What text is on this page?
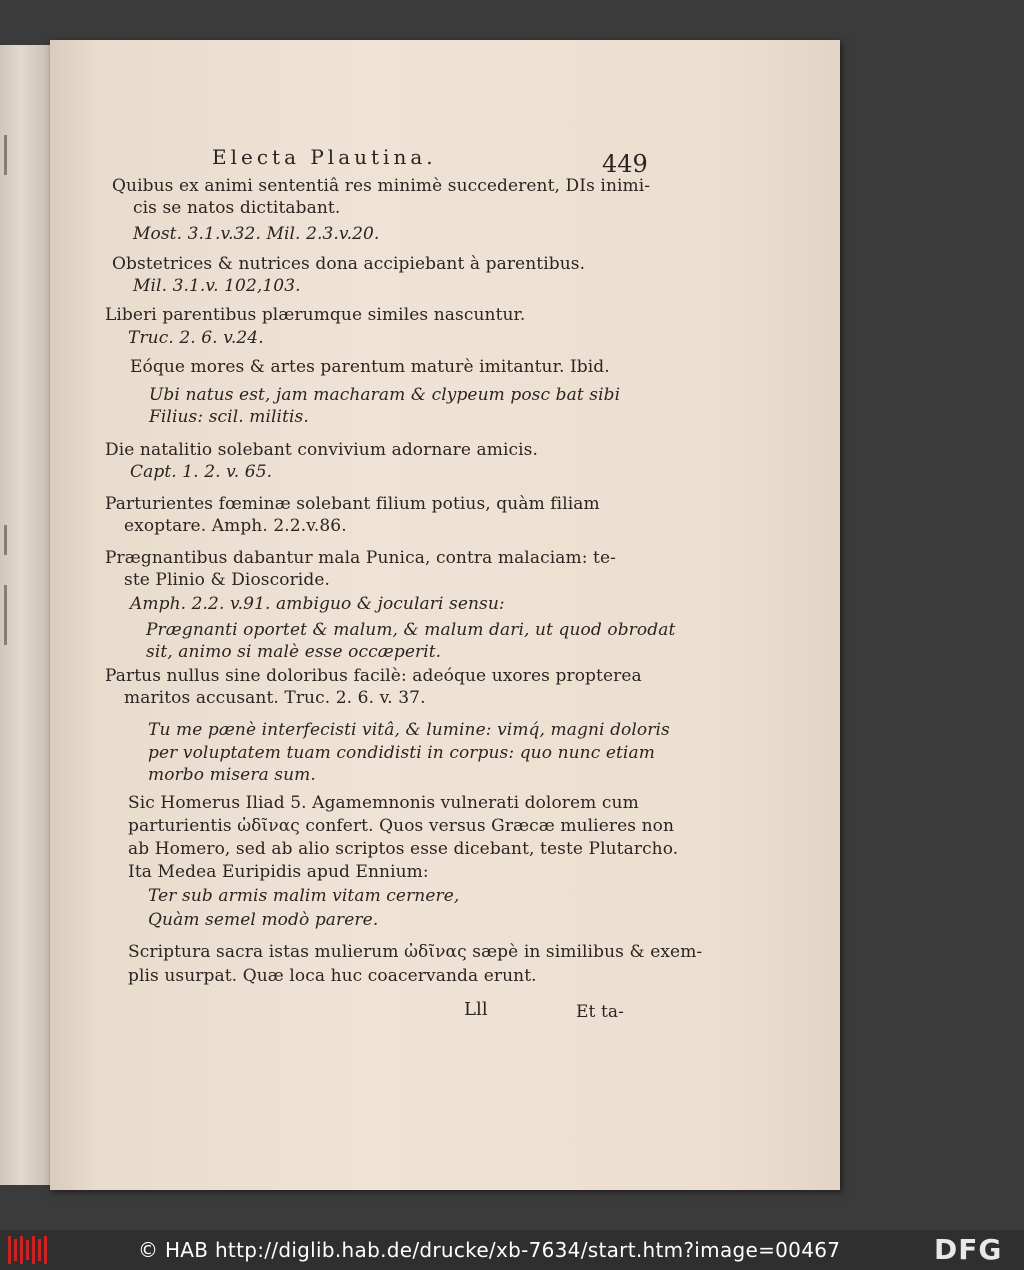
Electa Plautina.	449
Quibus ex animi sententiâ res minimè succederent, DIs inimi-
cis se natos dictitabant.
Most. 3.1.v.32. Mil. 2.3.v.20.
Obstetrices & nutrices dona accipiebant à parentibus.
Mil. 3.1.v. 102,103.
Liberi parentibus plærumque similes nascuntur.
Truc. 2. 6. v.24.
Eóque mores & artes parentum maturè imitantur. Ibid.
Ubi natus est, jam macharam & clypeum posc bat sibi
Filius: scil. militis.
Die natalitio solebant convivium adornare amicis.
Capt. 1. 2. v. 65.
Parturientes fœminæ solebant filium potius, quàm filiam
exoptare. Amph. 2.2.v.86.
Prægnantibus dabantur mala Punica, contra malaciam: te-
ste Plinio & Dioscoride.
Amph. 2.2. v.91. ambiguo & joculari sensu:
Prægnanti oportet & malum, & malum dari, ut quod obrodat
sit, animo si malè esse occæperit.
Partus nullus sine doloribus facilè: adeóque uxores propterea
maritos accusant. Truc. 2. 6. v. 37.
Tu me pænè interfecisti vitâ, & lumine: vimq́, magni doloris
per voluptatem tuam condidisti in corpus: quo nunc etiam
morbo misera sum.
Sic Homerus Iliad 5. Agamemnonis vulnerati dolorem cum
parturientis ὠδῖνας confert. Quos versus Græcæ mulieres non
ab Homero, sed ab alio scriptos esse dicebant, teste Plutarcho.
Ita Medea Euripidis apud Ennium:
Ter sub armis malim vitam cernere,
Quàm semel modò parere.
Scriptura sacra istas mulierum ὠδῖνας sæpè in similibus & exem-
plis usurpat. Quæ loca huc coacervanda erunt.
Lll	Et ta-
© HAB http://diglib.hab.de/drucke/xb-7634/start.htm?image=00467	DFG
